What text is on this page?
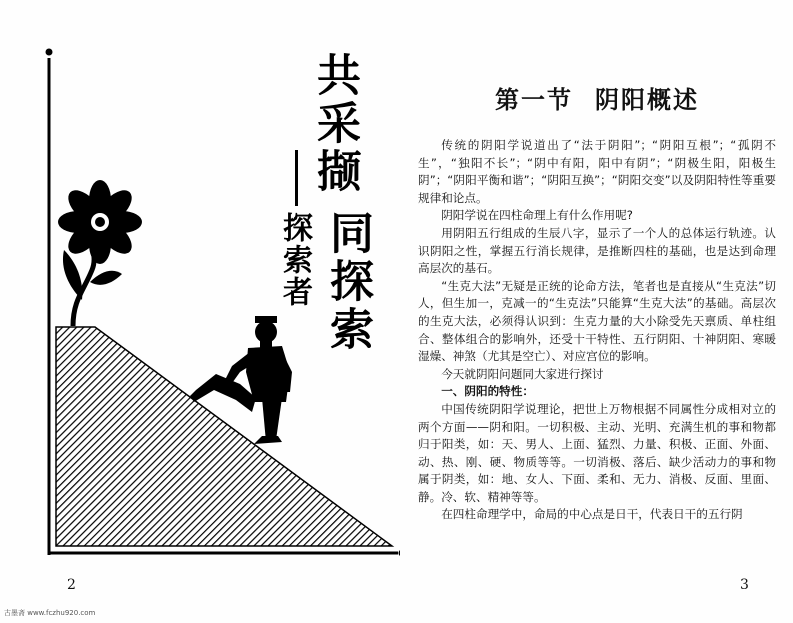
共采撷
同探索
探索者
2
第一节 阴阳概述

传统的阴阳学说道出了“法于阴阳”；“阴阳互根”；“孤阴不生”，“独阳不长”；“阴中有阳，阳中有阴”；“阴极生阳，阳极生阴”；“阴阳平衡和谐”；“阴阳互换”；“阴阳交变”以及阴阳特性等重要规律和论点。

阴阳学说在四柱命理上有什么作用呢?

用阴阳五行组成的生辰八字，显示了一个人的总体运行轨迹。认识阴阳之性，掌握五行消长规律，是推断四柱的基础，也是达到命理高层次的基石。

“生克大法”无疑是正统的论命方法，笔者也是直接从“生克法”切人，但生加一，克减一的“生克法”只能算“生克大法”的基础。高层次的生克大法，必须得认识到：生克力量的大小除受先天禀质、单柱组合、整体组合的影响外，还受十干特性、五行阴阳、十神阴阳、寒暖湿燥、神煞（尤其是空亡）、对应宫位的影响。

今天就阴阳问题同大家进行探讨

一、阴阳的特性：

中国传统阴阳学说理论，把世上万物根据不同属性分成相对立的两个方面——阴和阳。一切积极、主动、光明、充满生机的事和物都归于阳类，如：天、男人、上面、猛烈、力量、积极、正面、外面、动、热、刚、硬、物质等等。一切消极、落后、缺少活动力的事和物属于阴类，如：地、女人、下面、柔和、无力、消极、反面、里面、静。冷、软、精神等等。

在四柱命理学中，命局的中心点是日干，代表日干的五行阴

3
古墨斋 www.fczhu920.com
